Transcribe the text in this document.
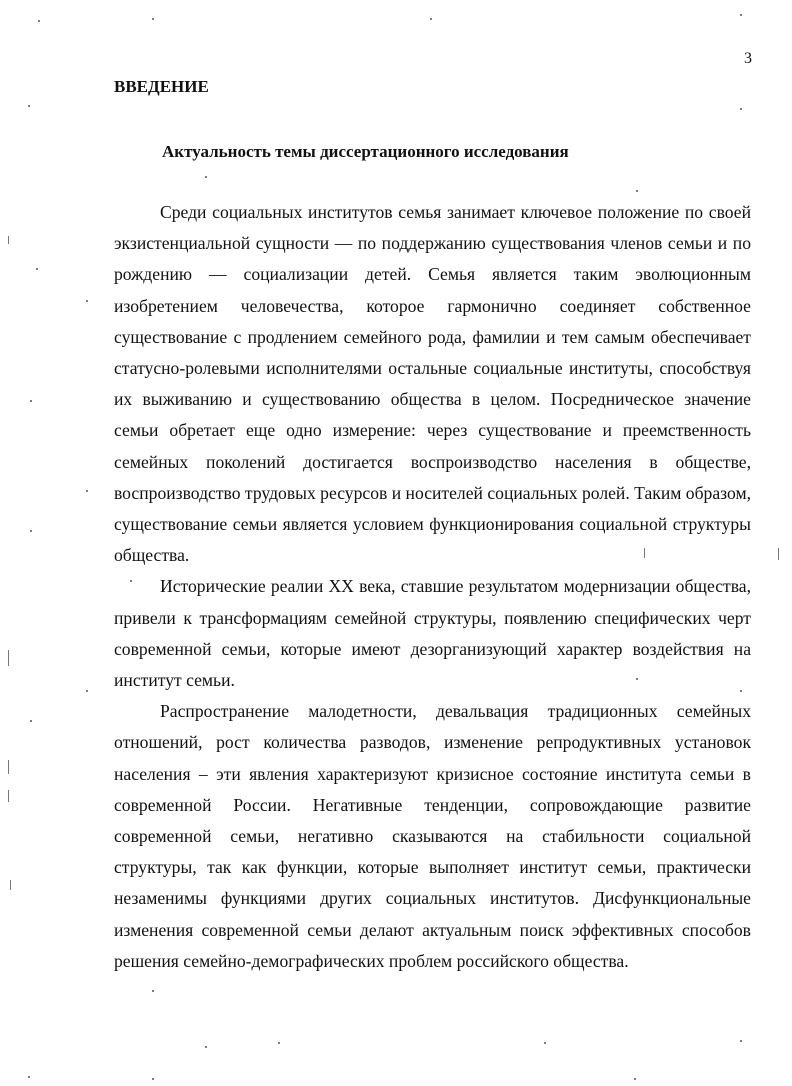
3
ВВЕДЕНИЕ
Актуальность темы диссертационного исследования

Среди социальных институтов семья занимает ключевое положение по своей экзистенциальной сущности — по поддержанию существования членов семьи и по рождению — социализации детей. Семья является таким эволюционным изобретением человечества, которое гармонично соединяет собственное существование с продлением семейного рода, фамилии и тем самым обеспечивает статусно-ролевыми исполнителями остальные социальные институты, способствуя их выживанию и существованию общества в целом. Посредническое значение семьи обретает еще одно измерение: через существование и преемственность семейных поколений достигается воспроизводство населения в обществе, воспроизводство трудовых ресурсов и носителей социальных ролей. Таким образом, существование семьи является условием функционирования социальной структуры общества.

Исторические реалии XX века, ставшие результатом модернизации общества, привели к трансформациям семейной структуры, появлению специфических черт современной семьи, которые имеют дезорганизующий характер воздействия на институт семьи.

Распространение малодетности, девальвация традиционных семейных отношений, рост количества разводов, изменение репродуктивных установок населения – эти явления характеризуют кризисное состояние института семьи в современной России. Негативные тенденции, сопровождающие развитие современной семьи, негативно сказываются на стабильности социальной структуры, так как функции, которые выполняет институт семьи, практически незаменимы функциями других социальных институтов. Дисфункциональные изменения современной семьи делают актуальным поиск эффективных способов решения семейно-демографических проблем российского общества.
